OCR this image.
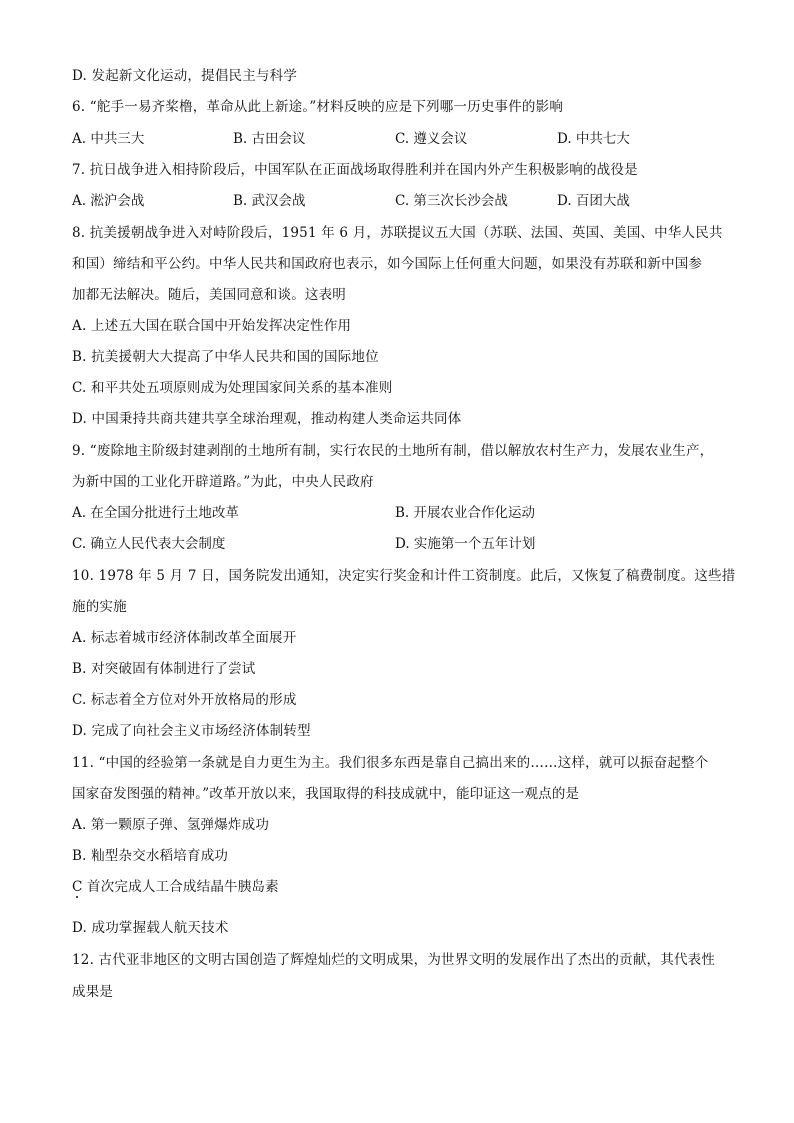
D. 发起新文化运动，提倡民主与科学
6. “舵手一易齐桨橹，革命从此上新途。”材料反映的应是下列哪一历史事件的影响
A. 中共三大	B. 古田会议	C. 遵义会议	D. 中共七大
7. 抗日战争进入相持阶段后，中国军队在正面战场取得胜利并在国内外产生积极影响的战役是
A. 淞沪会战	B. 武汉会战	C. 第三次长沙会战	D. 百团大战
8. 抗美援朝战争进入对峙阶段后，1951 年 6 月，苏联提议五大国（苏联、法国、英国、美国、中华人民共
和国）缔结和平公约。中华人民共和国政府也表示，如今国际上任何重大问题，如果没有苏联和新中国参
加都无法解决。随后，美国同意和谈。这表明
A. 上述五大国在联合国中开始发挥决定性作用
B. 抗美援朝大大提高了中华人民共和国的国际地位
C. 和平共处五项原则成为处理国家间关系的基本准则
D. 中国秉持共商共建共享全球治理观，推动构建人类命运共同体
9. “废除地主阶级封建剥削的土地所有制，实行农民的土地所有制，借以解放农村生产力，发展农业生产，
为新中国的工业化开辟道路。”为此，中央人民政府
A. 在全国分批进行土地改革	B. 开展农业合作化运动
C. 确立人民代表大会制度	D. 实施第一个五年计划
10. 1978 年 5 月 7 日，国务院发出通知，决定实行奖金和计件工资制度。此后，又恢复了稿费制度。这些措
施的实施
A. 标志着城市经济体制改革全面展开
B. 对突破固有体制进行了尝试
C. 标志着全方位对外开放格局的形成
D. 完成了向社会主义市场经济体制转型
11. “中国的经验第一条就是自力更生为主。我们很多东西是靠自己搞出来的……这样，就可以振奋起整个
国家奋发图强的精神。”改革开放以来，我国取得的科技成就中，能印证这一观点的是
A. 第一颗原子弹、氢弹爆炸成功
B. 籼型杂交水稻培育成功
C 首次完成人工合成结晶牛胰岛素
D. 成功掌握载人航天技术
12. 古代亚非地区的文明古国创造了辉煌灿烂的文明成果，为世界文明的发展作出了杰出的贡献，其代表性
成果是
